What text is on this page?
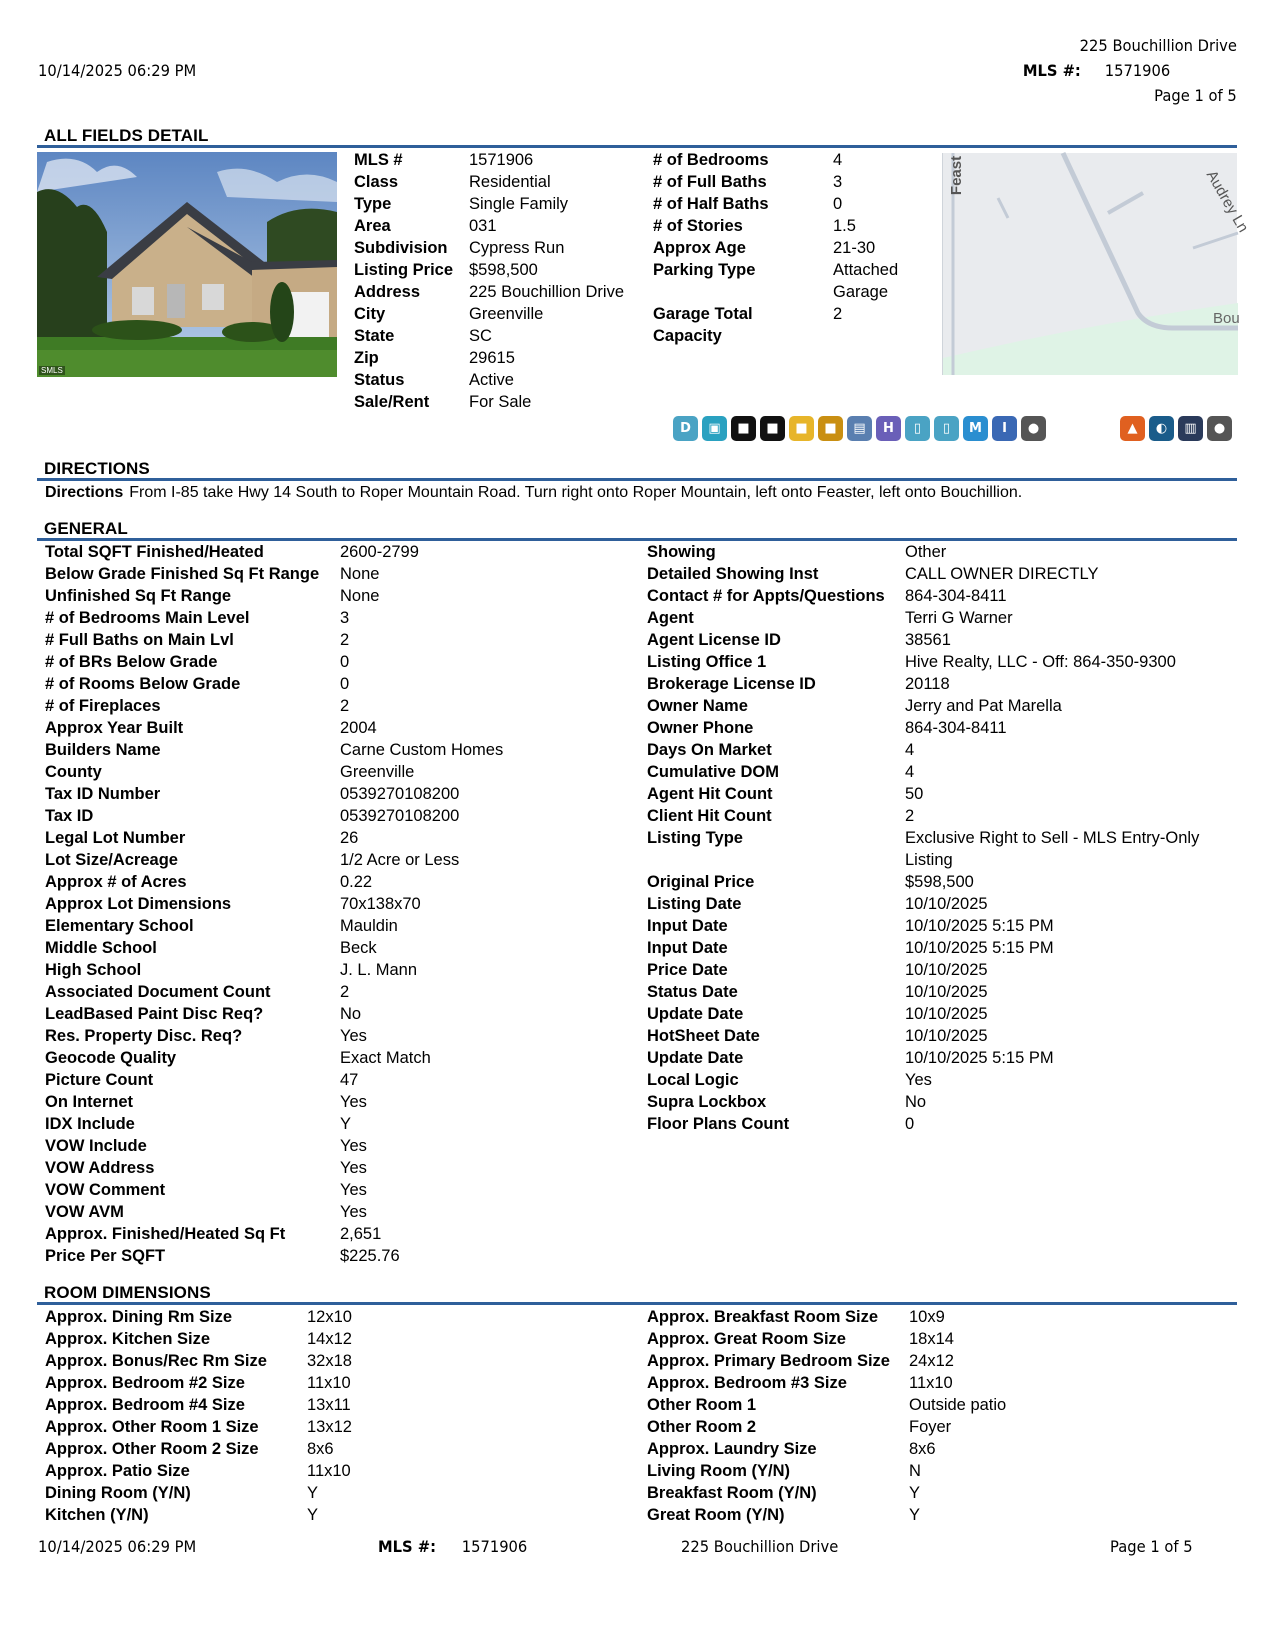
10/14/2025 06:29 PM
225 Bouchillion Drive
MLS #: 1571906
Page 1 of 5
ALL FIELDS DETAIL
SMLS
MLS #	1571906
Class	Residential
Type	Single Family
Area	031
Subdivision Cypress Run
Listing Price $598,500
Address	225 Bouchillion Drive
City	Greenville
State	SC
Zip	29615
Status	Active
Sale/Rent For Sale
# of Bedrooms	4
# of Full Baths	3
# of Half Baths	0
# of Stories	1.5
Approx Age	21-30
Parking Type	Attached
Garage
Garage Total	2
Capacity
Feast	Audrey Ln
Bou
D	▣	■	■	■	■	▤	H	▯	▯	M	I	●	▲	◐	▥	●
DIRECTIONS
Directions From I-85 take Hwy 14 South to Roper Mountain Road. Turn right onto Roper Mountain, left onto Feaster, left onto Bouchillion.
GENERAL
Total SQFT Finished/Heated	2600-2799
Below Grade Finished Sq Ft Range None
Unfinished Sq Ft Range	None
# of Bedrooms Main Level	3
# Full Baths on Main Lvl	2
# of BRs Below Grade	0
# of Rooms Below Grade	0
# of Fireplaces	2
Approx Year Built	2004
Builders Name	Carne Custom Homes
County	Greenville
Tax ID Number	0539270108200
Tax ID	0539270108200
Legal Lot Number	26
Lot Size/Acreage	1/2 Acre or Less
Approx # of Acres	0.22
Approx Lot Dimensions	70x138x70
Elementary School	Mauldin
Middle School	Beck
High School	J. L. Mann
Associated Document Count	2
LeadBased Paint Disc Req?	No
Res. Property Disc. Req?	Yes
Geocode Quality	Exact Match
Picture Count	47
On Internet	Yes
IDX Include	Y
VOW Include	Yes
VOW Address	Yes
VOW Comment	Yes
VOW AVM	Yes
Approx. Finished/Heated Sq Ft	2,651
Price Per SQFT	$225.76
Showing	Other
Detailed Showing Inst	CALL OWNER DIRECTLY
Contact # for Appts/Questions 864-304-8411
Agent	Terri G Warner
Agent License ID	38561
Listing Office 1	Hive Realty, LLC - Off: 864-350-9300
Brokerage License ID	20118
Owner Name	Jerry and Pat Marella
Owner Phone	864-304-8411
Days On Market	4
Cumulative DOM	4
Agent Hit Count	50
Client Hit Count	2
Listing Type	Exclusive Right to Sell - MLS Entry-Only
Listing
Original Price	$598,500
Listing Date	10/10/2025
Input Date	10/10/2025 5:15 PM
Input Date	10/10/2025 5:15 PM
Price Date	10/10/2025
Status Date	10/10/2025
Update Date	10/10/2025
HotSheet Date	10/10/2025
Update Date	10/10/2025 5:15 PM
Local Logic	Yes
Supra Lockbox	No
Floor Plans Count	0
ROOM DIMENSIONS
Approx. Dining Rm Size	12x10
Approx. Kitchen Size	14x12
Approx. Bonus/Rec Rm Size 32x18
Approx. Bedroom #2 Size	11x10
Approx. Bedroom #4 Size	13x11
Approx. Other Room 1 Size	13x12
Approx. Other Room 2 Size	8x6
Approx. Patio Size	11x10
Dining Room (Y/N)	Y
Kitchen (Y/N)	Y
Approx. Breakfast Room Size 10x9
Approx. Great Room Size	18x14
Approx. Primary Bedroom Size 24x12
Approx. Bedroom #3 Size	11x10
Other Room 1	Outside patio
Other Room 2	Foyer
Approx. Laundry Size	8x6
Living Room (Y/N)	N
Breakfast Room (Y/N)	Y
Great Room (Y/N)	Y
10/14/2025 06:29 PM	MLS #: 1571906	225 Bouchillion Drive	Page 1 of 5
